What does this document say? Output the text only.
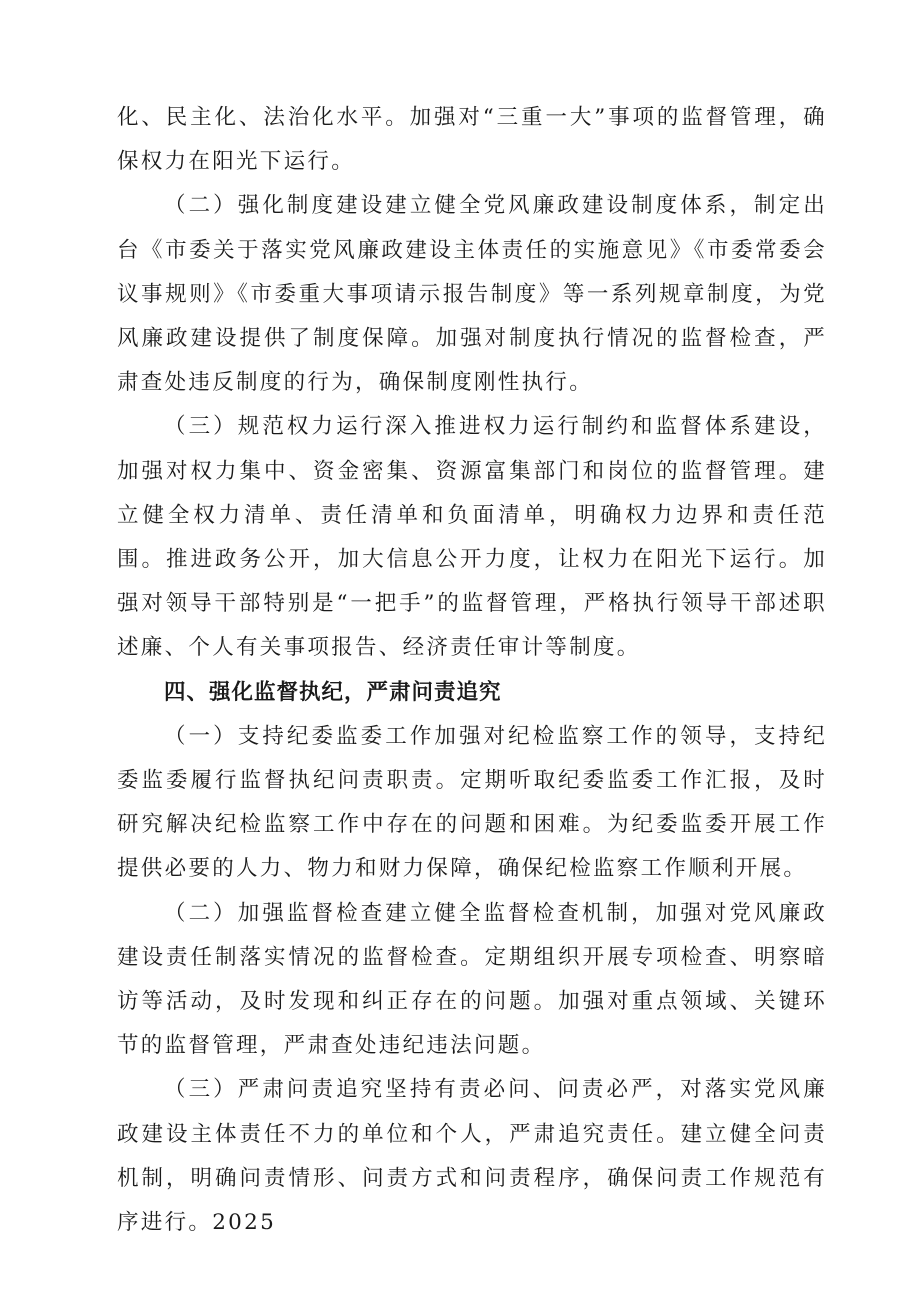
化、民主化、法治化水平。加强对“三重一大”事项的监督管理，确保权力在阳光下运行。

（二）强化制度建设建立健全党风廉政建设制度体系，制定出台《市委关于落实党风廉政建设主体责任的实施意见》《市委常委会议事规则》《市委重大事项请示报告制度》等一系列规章制度，为党风廉政建设提供了制度保障。加强对制度执行情况的监督检查，严肃查处违反制度的行为，确保制度刚性执行。

（三）规范权力运行深入推进权力运行制约和监督体系建设，加强对权力集中、资金密集、资源富集部门和岗位的监督管理。建立健全权力清单、责任清单和负面清单，明确权力边界和责任范围。推进政务公开，加大信息公开力度，让权力在阳光下运行。加强对领导干部特别是“一把手”的监督管理，严格执行领导干部述职述廉、个人有关事项报告、经济责任审计等制度。

四、强化监督执纪，严肃问责追究

（一）支持纪委监委工作加强对纪检监察工作的领导，支持纪委监委履行监督执纪问责职责。定期听取纪委监委工作汇报，及时研究解决纪检监察工作中存在的问题和困难。为纪委监委开展工作提供必要的人力、物力和财力保障，确保纪检监察工作顺利开展。

（二）加强监督检查建立健全监督检查机制，加强对党风廉政建设责任制落实情况的监督检查。定期组织开展专项检查、明察暗访等活动，及时发现和纠正存在的问题。加强对重点领域、关键环节的监督管理，严肃查处违纪违法问题。

（三）严肃问责追究坚持有责必问、问责必严，对落实党风廉政建设主体责任不力的单位和个人，严肃追究责任。建立健全问责机制，明确问责情形、问责方式和问责程序，确保问责工作规范有序进行。2025
